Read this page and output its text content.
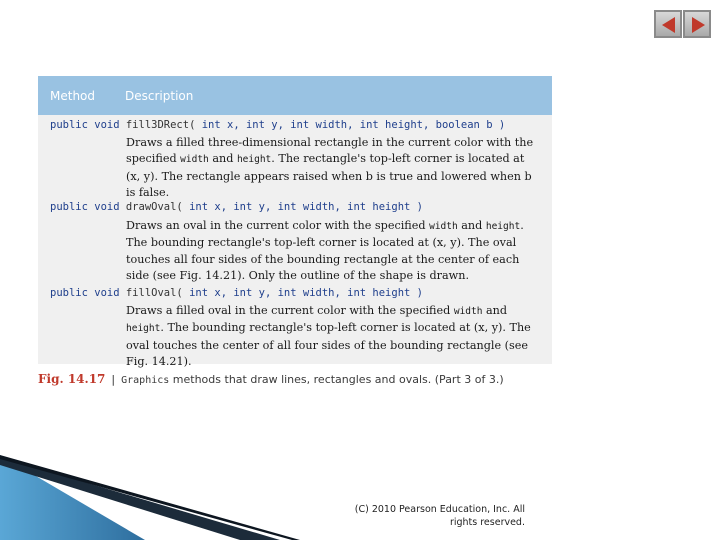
Method Description
public void fill3DRect( int x, int y, int width, int height, boolean b )
Draws a filled three-dimensional rectangle in the current color with the specified width and height. The rectangle's top-left corner is located at (x, y). The rectangle appears raised when b is true and lowered when b is false.
public void drawOval( int x, int y, int width, int height )
Draws an oval in the current color with the specified width and height. The bounding rectangle's top-left corner is located at (x, y). The oval touches all four sides of the bounding rectangle at the center of each side (see Fig. 14.21). Only the outline of the shape is drawn.
public void fillOval( int x, int y, int width, int height )
Draws a filled oval in the current color with the specified width and height. The bounding rectangle's top-left corner is located at (x, y). The oval touches the center of all four sides of the bounding rectangle (see Fig. 14.21).
Fig. 14.17 | Graphics methods that draw lines, rectangles and ovals. (Part 3 of 3.)
(C) 2010 Pearson Education, Inc. All rights reserved.
